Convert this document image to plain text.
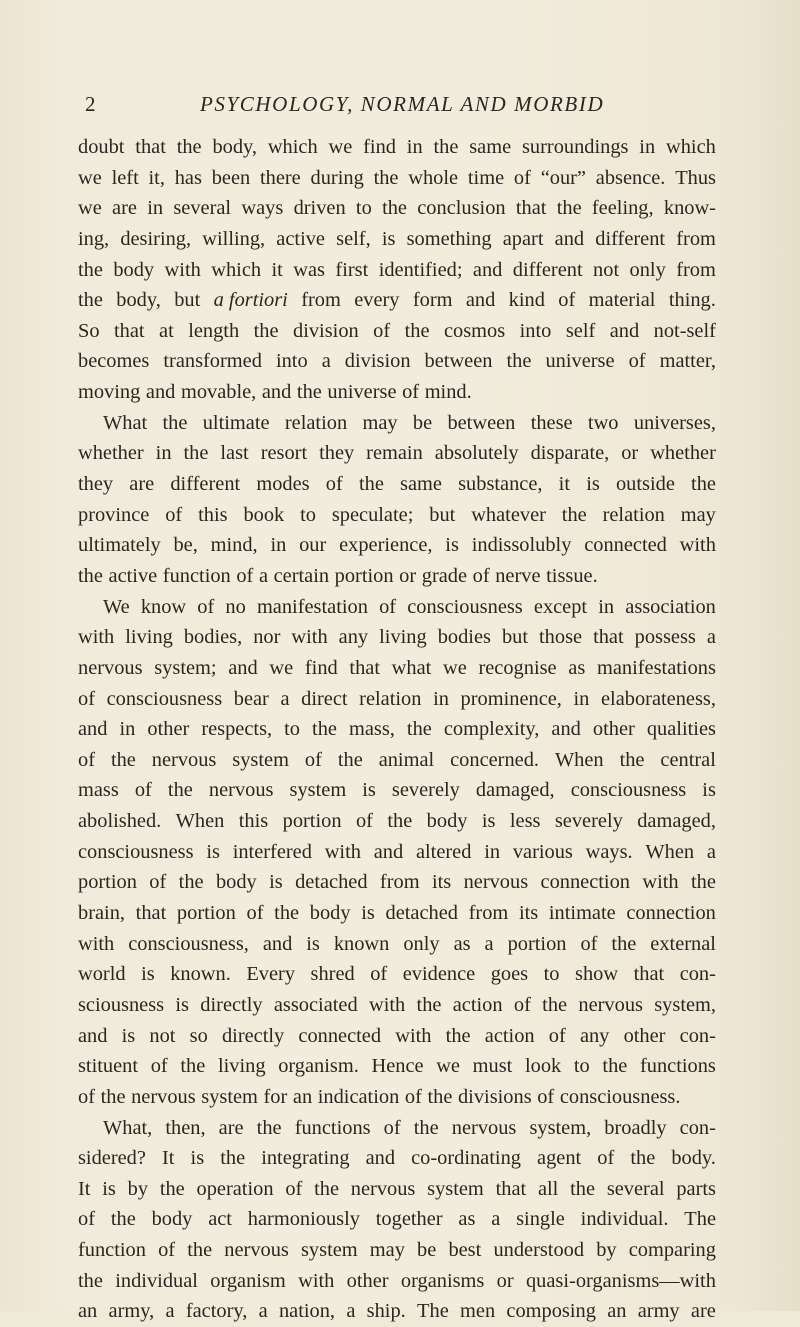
2	PSYCHOLOGY, NORMAL AND MORBID
doubt that the body, which we find in the same surroundings in which
we left it, has been there during the whole time of “our” absence. Thus
we are in several ways driven to the conclusion that the feeling, know-
ing, desiring, willing, active self, is something apart and different from
the body with which it was first identified; and different not only from
the body, but a fortiori from every form and kind of material thing.
So that at length the division of the cosmos into self and not-self
becomes transformed into a division between the universe of matter,
moving and movable, and the universe of mind.
What the ultimate relation may be between these two universes,
whether in the last resort they remain absolutely disparate, or whether
they are different modes of the same substance, it is outside the
province of this book to speculate; but whatever the relation may
ultimately be, mind, in our experience, is indissolubly connected with
the active function of a certain portion or grade of nerve tissue.
We know of no manifestation of consciousness except in association
with living bodies, nor with any living bodies but those that possess a
nervous system; and we find that what we recognise as manifestations
of consciousness bear a direct relation in prominence, in elaborateness,
and in other respects, to the mass, the complexity, and other qualities
of the nervous system of the animal concerned. When the central
mass of the nervous system is severely damaged, consciousness is
abolished. When this portion of the body is less severely damaged,
consciousness is interfered with and altered in various ways. When a
portion of the body is detached from its nervous connection with the
brain, that portion of the body is detached from its intimate connection
with consciousness, and is known only as a portion of the external
world is known. Every shred of evidence goes to show that con-
sciousness is directly associated with the action of the nervous system,
and is not so directly connected with the action of any other con-
stituent of the living organism. Hence we must look to the functions
of the nervous system for an indication of the divisions of consciousness.
What, then, are the functions of the nervous system, broadly con-
sidered? It is the integrating and co-ordinating agent of the body.
It is by the operation of the nervous system that all the several parts
of the body act harmoniously together as a single individual. The
function of the nervous system may be best understood by comparing
the individual organism with other organisms or quasi-organisms—with
an army, a factory, a nation, a ship. The men composing an army are
